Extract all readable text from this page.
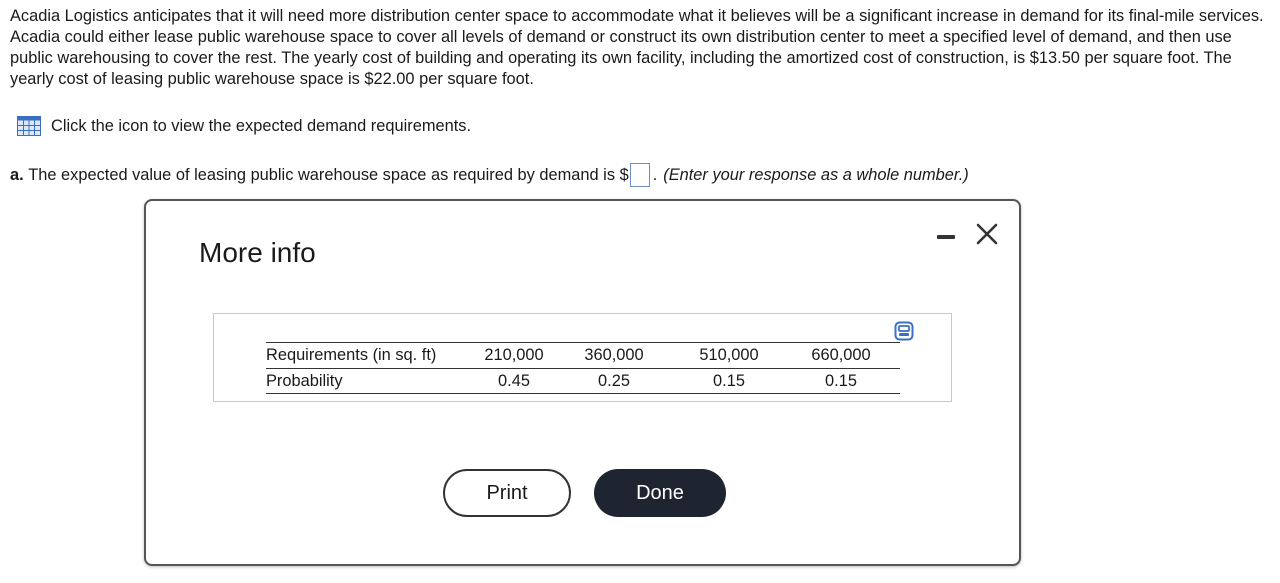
Acadia Logistics anticipates that it will need more distribution center space to accommodate what it believes will be a significant increase in demand for its final-mile services. Acadia could either lease public warehouse space to cover all levels of demand or construct its own distribution center to meet a specified level of demand, and then use public warehousing to cover the rest. The yearly cost of building and operating its own facility, including the amortized cost of construction, is $13.50 per square foot. The yearly cost of leasing public warehouse space is $22.00 per square foot.

Click the icon to view the expected demand requirements.
a.
The expected value of leasing public warehouse space as required by demand is $ . (Enter your response as a whole number.)
More info
Requirements (in sq. ft)	210,000	360,000	510,000	660,000
Probability	0.45	0.25	0.15	0.15
Print	Done
